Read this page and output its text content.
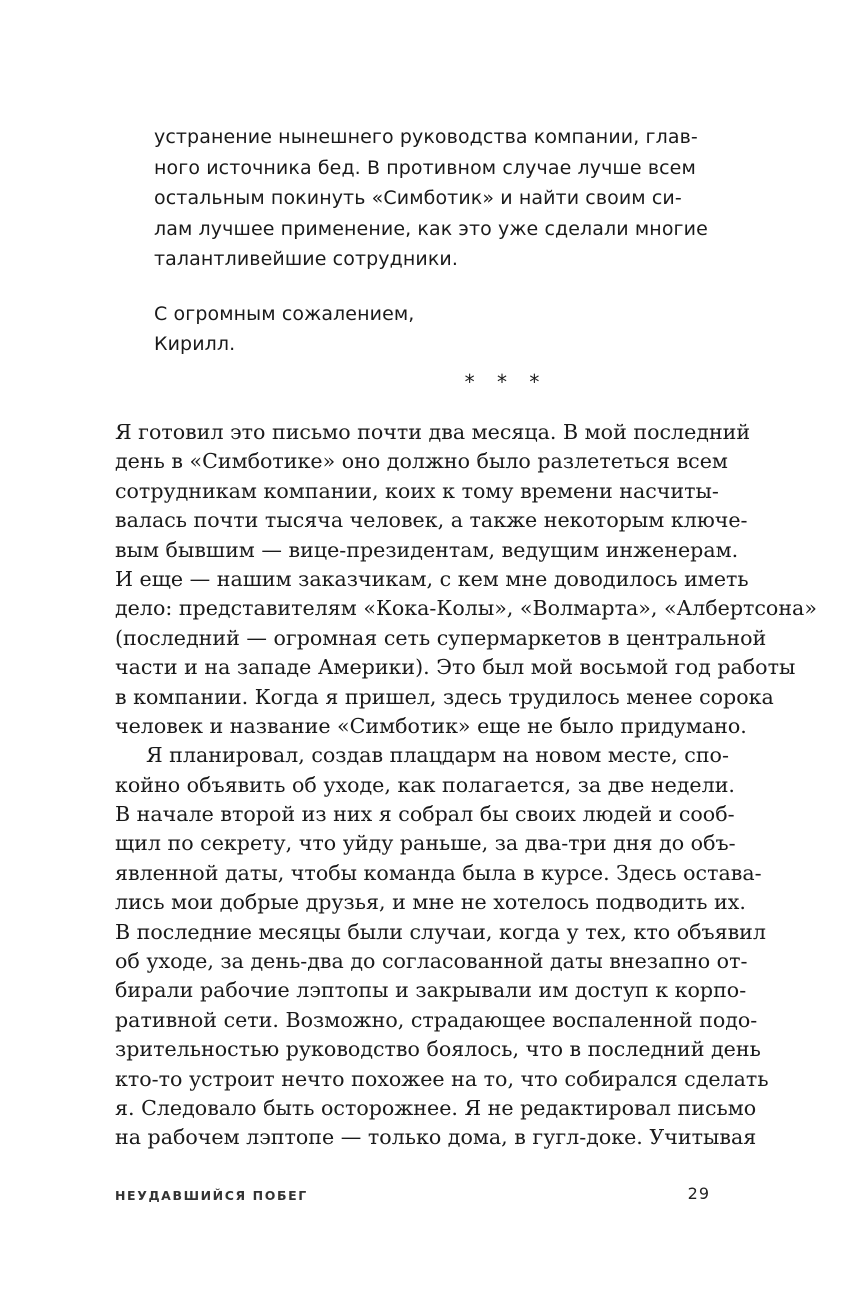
устранение нынешнего руководства компании, глав-
ного источника бед. В противном случае лучше всем
остальным покинуть «Симботик» и найти своим си-
лам лучшее применение, как это уже сделали многие
талантливейшие сотрудники.
С огромным сожалением,
Кирилл.
* * *
Я готовил это письмо почти два месяца. В мой последний
день в «Симботике» оно должно было разлететься всем
сотрудникам компании, коих к тому времени насчиты-
валась почти тысяча человек, а также некоторым ключе-
вым бывшим — вице-президентам, ведущим инженерам.
И еще — нашим заказчикам, с кем мне доводилось иметь
дело: представителям «Кока-Колы», «Волмарта», «Албертсона»
(последний — огромная сеть супермаркетов в центральной
части и на западе Америки). Это был мой восьмой год работы
в компании. Когда я пришел, здесь трудилось менее сорока
человек и название «Симботик» еще не было придумано.
Я планировал, создав плацдарм на новом месте, спо-
койно объявить об уходе, как полагается, за две недели.
В начале второй из них я собрал бы своих людей и сооб-
щил по секрету, что уйду раньше, за два-три дня до объ-
явленной даты, чтобы команда была в курсе. Здесь остава-
лись мои добрые друзья, и мне не хотелось подводить их.
В последние месяцы были случаи, когда у тех, кто объявил
об уходе, за день-два до согласованной даты внезапно от-
бирали рабочие лэптопы и закрывали им доступ к корпо-
ративной сети. Возможно, страдающее воспаленной подо-
зрительностью руководство боялось, что в последний день
кто-то устроит нечто похожее на то, что собирался сделать
я. Следовало быть осторожнее. Я не редактировал письмо
на рабочем лэптопе — только дома, в гугл-доке. Учитывая
НЕУДАВШИЙСЯ ПОБЕГ	29
